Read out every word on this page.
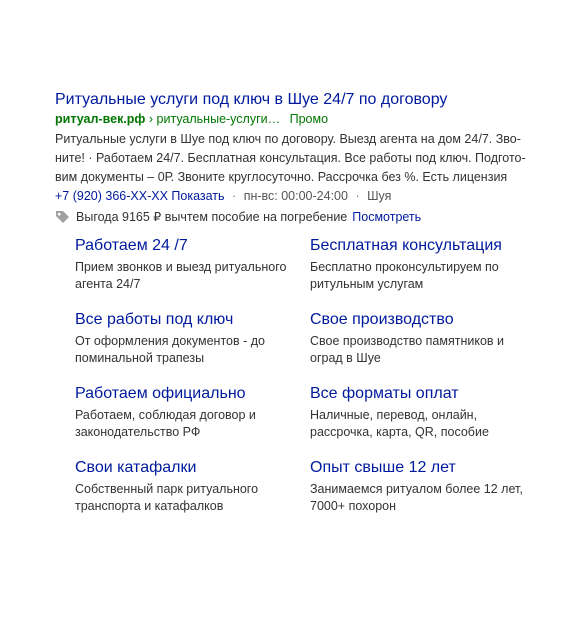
Ритуальные услуги под ключ в Шуе 24/7 по договору
ритуал-век.рф › ритуальные-услуги… Промо
Ритуальные услуги в Шуе под ключ по договору. Выезд агента на дом 24/7. Зво-
ните! · Работаем 24/7. Бесплатная консультация. Все работы под ключ. Подгото-
вим документы – 0Р. Звоните круглосуточно. Рассрочка без %. Есть лицензия
+7 (920) 366-XX-XX Показать · пн-вс: 00:00-24:00 · Шуя
Выгода 9165 ₽ вычтем пособие на погребение Посмотреть
Работаем 24 /7
Прием звонков и выезд ритуального
агента 24/7
Бесплатная консультация
Бесплатно проконсультируем по
ритульным услугам
Все работы под ключ
От оформления документов - до
поминальной трапезы
Свое производство
Свое производство памятников и
оград в Шуе
Работаем официально
Работаем, соблюдая договор и
законодательство РФ
Все форматы оплат
Наличные, перевод, онлайн,
рассрочка, карта, QR, пособие
Свои катафалки
Собственный парк ритуального
транспорта и катафалков
Опыт свыше 12 лет
Занимаемся ритуалом более 12 лет,
7000+ похорон
